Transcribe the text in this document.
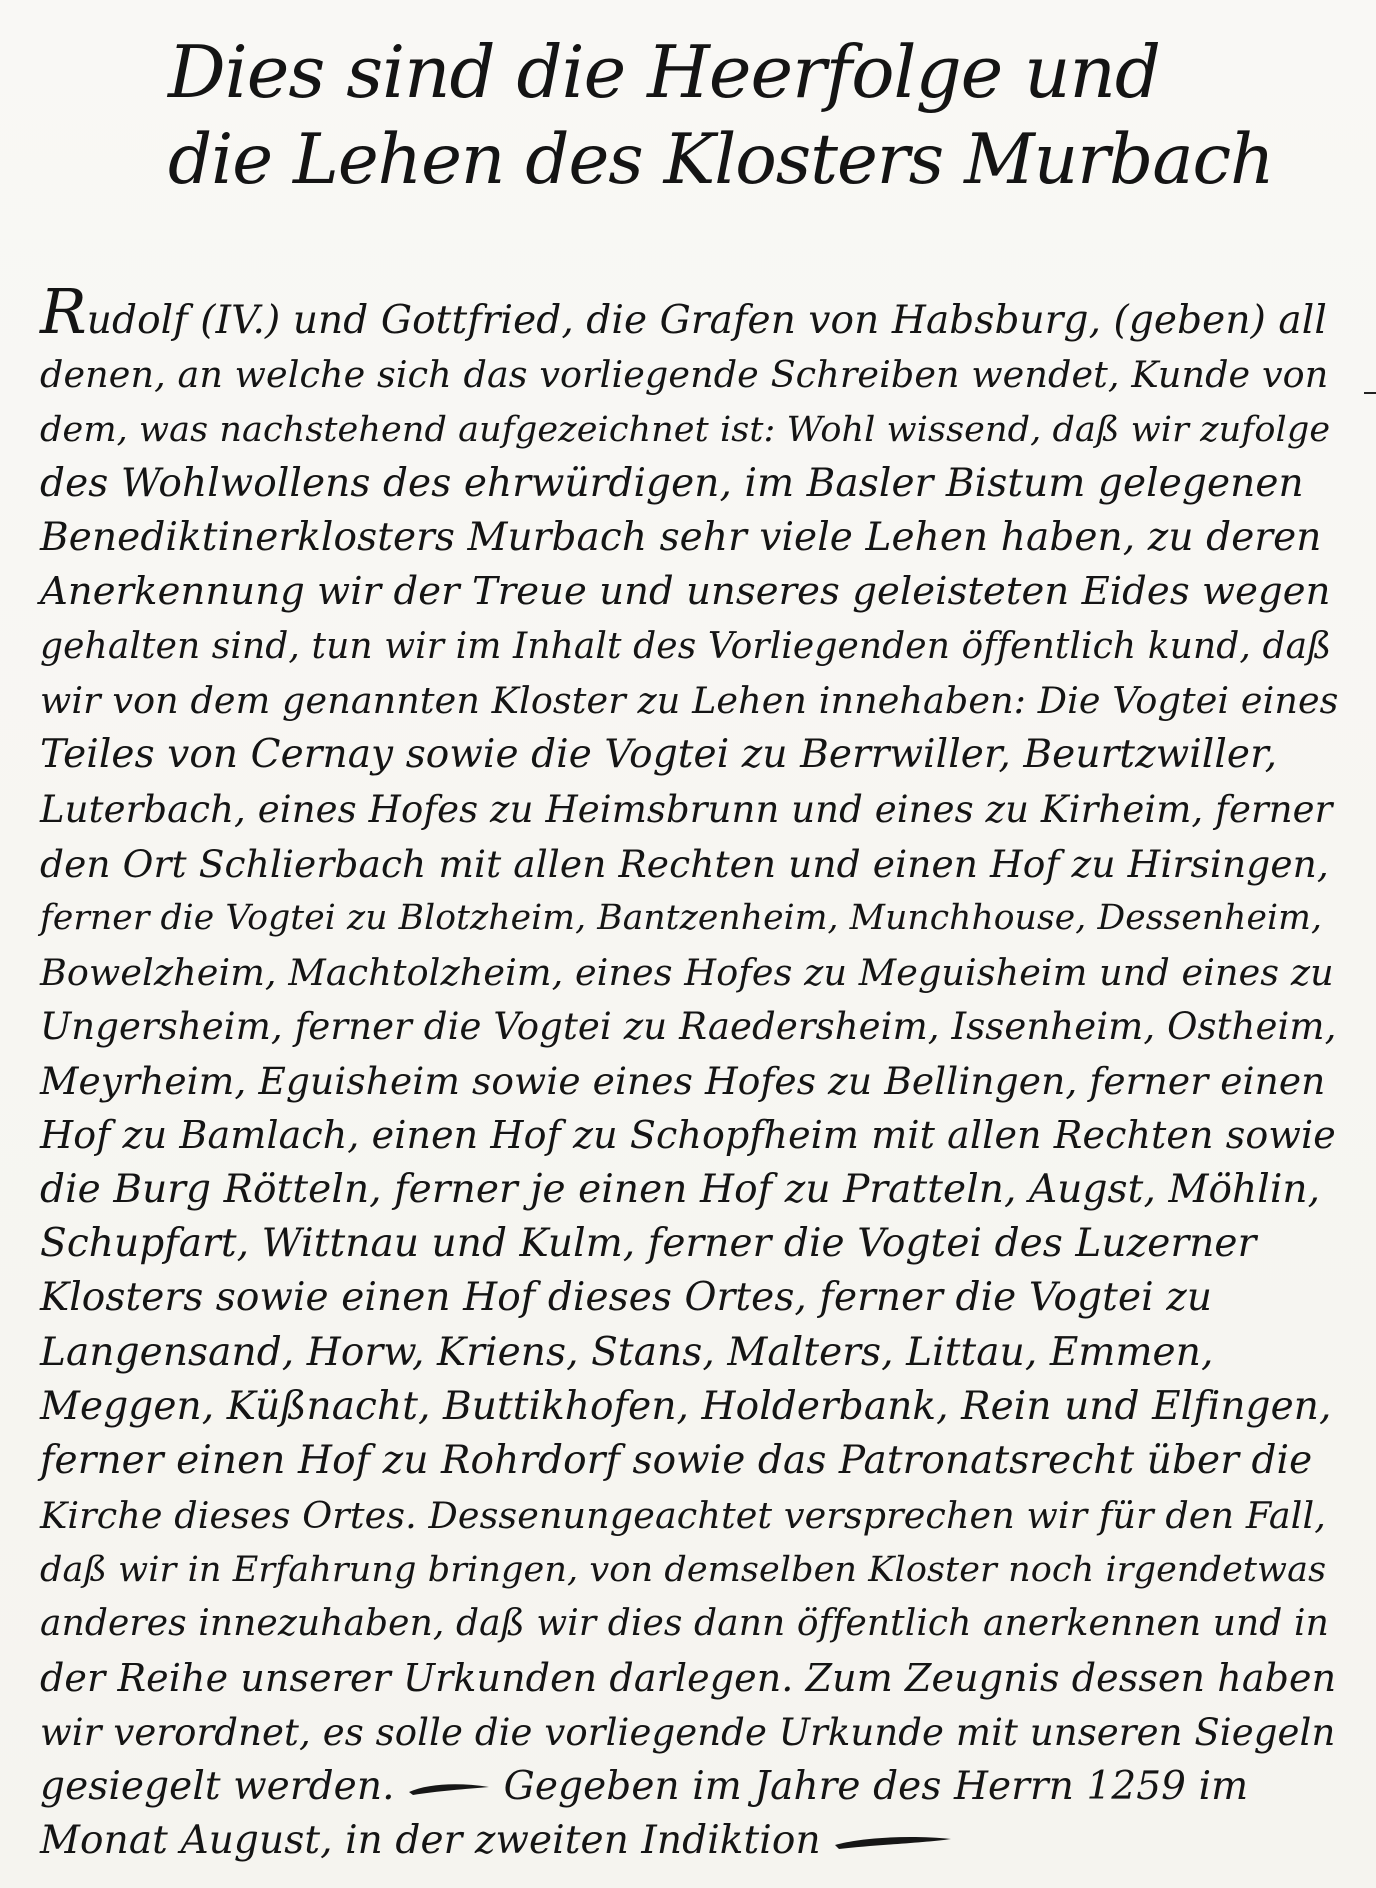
Dies sind die Heerfolge und
die Lehen des Klosters Murbach
Rudolf (IV.) und Gottfried, die Grafen von Habsburg, (geben) all
denen, an welche sich das vorliegende Schreiben wendet, Kunde von
dem, was nachstehend aufgezeichnet ist: Wohl wissend, daß wir zufolge
des Wohlwollens des ehrwürdigen, im Basler Bistum gelegenen
Benediktinerklosters Murbach sehr viele Lehen haben, zu deren
Anerkennung wir der Treue und unseres geleisteten Eides wegen
gehalten sind, tun wir im Inhalt des Vorliegenden öffentlich kund, daß
wir von dem genannten Kloster zu Lehen innehaben: Die Vogtei eines
Teiles von Cernay sowie die Vogtei zu Berrwiller, Beurtzwiller,
Luterbach, eines Hofes zu Heimsbrunn und eines zu Kirheim, ferner
den Ort Schlierbach mit allen Rechten und einen Hof zu Hirsingen,
ferner die Vogtei zu Blotzheim, Bantzenheim, Munchhouse, Dessenheim,
Bowelzheim, Machtolzheim, eines Hofes zu Meguisheim und eines zu
Ungersheim, ferner die Vogtei zu Raedersheim, Issenheim, Ostheim,
Meyrheim, Eguisheim sowie eines Hofes zu Bellingen, ferner einen
Hof zu Bamlach, einen Hof zu Schopfheim mit allen Rechten sowie
die Burg Rötteln, ferner je einen Hof zu Pratteln, Augst, Möhlin,
Schupfart, Wittnau und Kulm, ferner die Vogtei des Luzerner
Klosters sowie einen Hof dieses Ortes, ferner die Vogtei zu
Langensand, Horw, Kriens, Stans, Malters, Littau, Emmen,
Meggen, Küßnacht, Buttikhofen, Holderbank, Rein und Elfingen,
ferner einen Hof zu Rohrdorf sowie das Patronatsrecht über die
Kirche dieses Ortes. Dessenungeachtet versprechen wir für den Fall,
daß wir in Erfahrung bringen, von demselben Kloster noch irgendetwas
anderes innezuhaben, daß wir dies dann öffentlich anerkennen und in
der Reihe unserer Urkunden darlegen. Zum Zeugnis dessen haben
wir verordnet, es solle die vorliegende Urkunde mit unseren Siegeln
gesiegelt werden.	Gegeben im Jahre des Herrn 1259 im
Monat August, in der zweiten Indiktion
